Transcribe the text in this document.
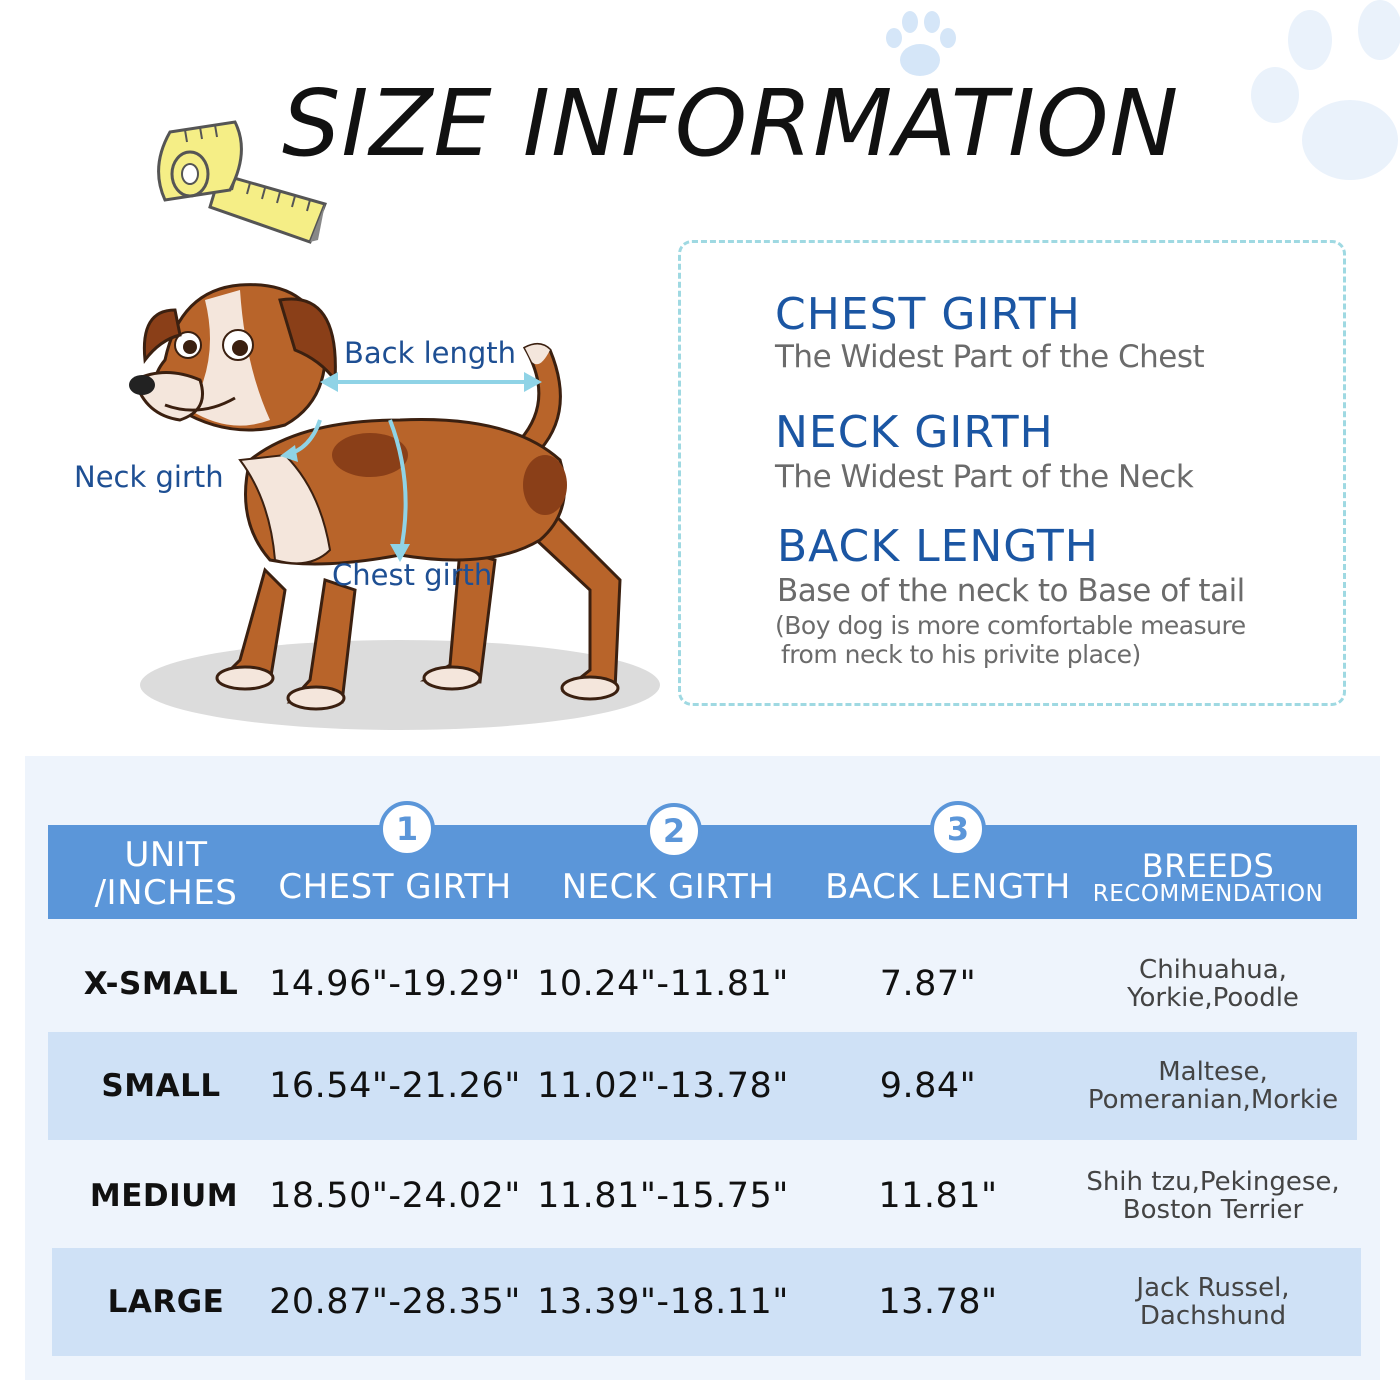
SIZE INFORMATION
Back length
Neck girth
Chest girth
CHEST GIRTH
The Widest Part of the Chest
NECK GIRTH
The Widest Part of the Neck
BACK LENGTH
Base of the neck to Base of tail
(Boy dog is more comfortable measure
from neck to his privite place)
UNIT
/INCHES	CHEST GIRTH	NECK GIRTH	BACK LENGTH
BREEDS
RECOMMENDATION
1	2	3
X-SMALL 14.96"-19.29" 10.24"-11.81"	7.87"	Chihuahua,
Yorkie,Poodle
SMALL	16.54"-21.26" 11.02"-13.78"	9.84"	Maltese,
Pomeranian,Morkie
MEDIUM 18.50"-24.02" 11.81"-15.75"	11.81"	Shih tzu,Pekingese,
Boston Terrier
LARGE	20.87"-28.35" 13.39"-18.11"	13.78"	Jack Russel,
Dachshund
